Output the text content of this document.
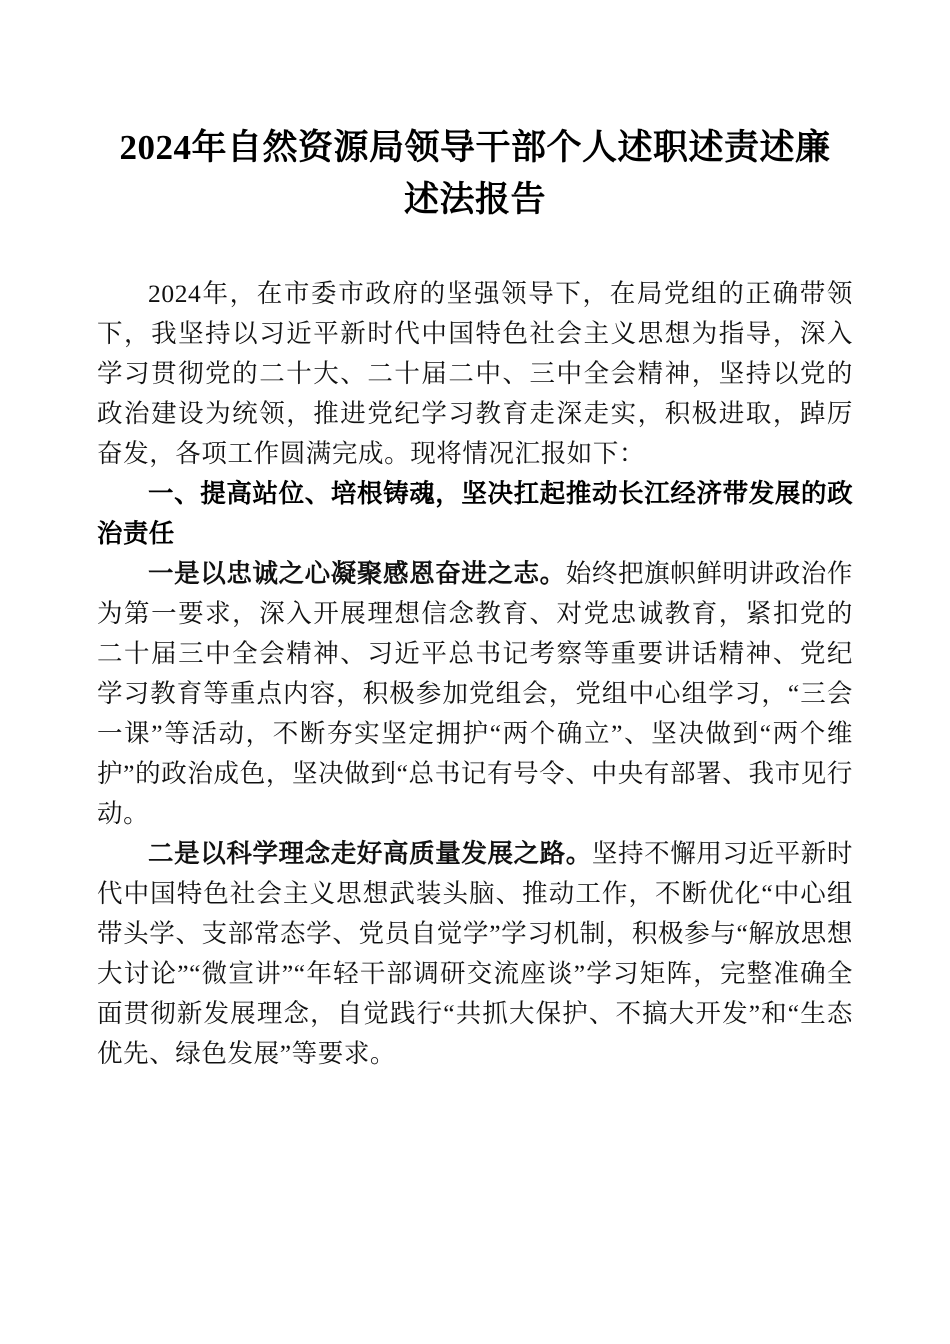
2024年自然资源局领导干部个人述职述责述廉述法报告

2024年，在市委市政府的坚强领导下，在局党组的正确带领下，我坚持以习近平新时代中国特色社会主义思想为指导，深入学习贯彻党的二十大、二十届二中、三中全会精神，坚持以党的政治建设为统领，推进党纪学习教育走深走实，积极进取，踔厉奋发，各项工作圆满完成。现将情况汇报如下：

一、提高站位、培根铸魂，坚决扛起推动长江经济带发展的政治责任

一是以忠诚之心凝聚感恩奋进之志。始终把旗帜鲜明讲政治作为第一要求，深入开展理想信念教育、对党忠诚教育，紧扣党的二十届三中全会精神、习近平总书记考察等重要讲话精神、党纪学习教育等重点内容，积极参加党组会，党组中心组学习，“三会一课”等活动，不断夯实坚定拥护“两个确立”、坚决做到“两个维护”的政治成色，坚决做到“总书记有号令、中央有部署、我市见行动。

二是以科学理念走好高质量发展之路。坚持不懈用习近平新时代中国特色社会主义思想武装头脑、推动工作，不断优化“中心组带头学、支部常态学、党员自觉学”学习机制，积极参与“解放思想大讨论”“微宣讲”“年轻干部调研交流座谈”学习矩阵，完整准确全面贯彻新发展理念，自觉践行“共抓大保护、不搞大开发”和“生态优先、绿色发展”等要求。
